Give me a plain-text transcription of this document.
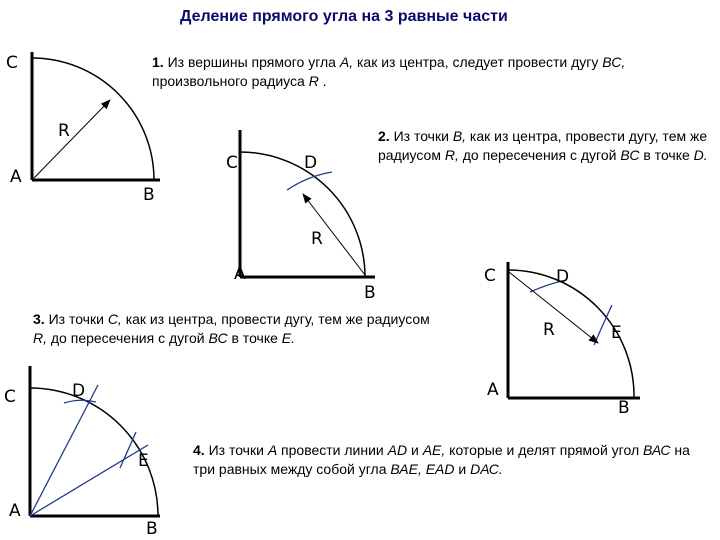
Деление прямого угла на 3 равные части
1. Из вершины прямого угла А, как из центра, следует провести дугу ВС, произвольного радиуса R .
2. Из точки В, как из центра, провести дугу, тем же радиусом R, до пересечения с дугой ВС в точке D.
3. Из точки С, как из центра, провести дугу, тем же радиусом R, до пересечения с дугой ВС в точке Е.
4. Из точки А провести линии АD и АЕ, которые и делят прямой угол ВАС на три равных между собой угла ВАЕ, ЕАD и DАС.
C
A
B
R
C	D
A
B
R
C	D
R	E
A
B
C	D
E
A
B
